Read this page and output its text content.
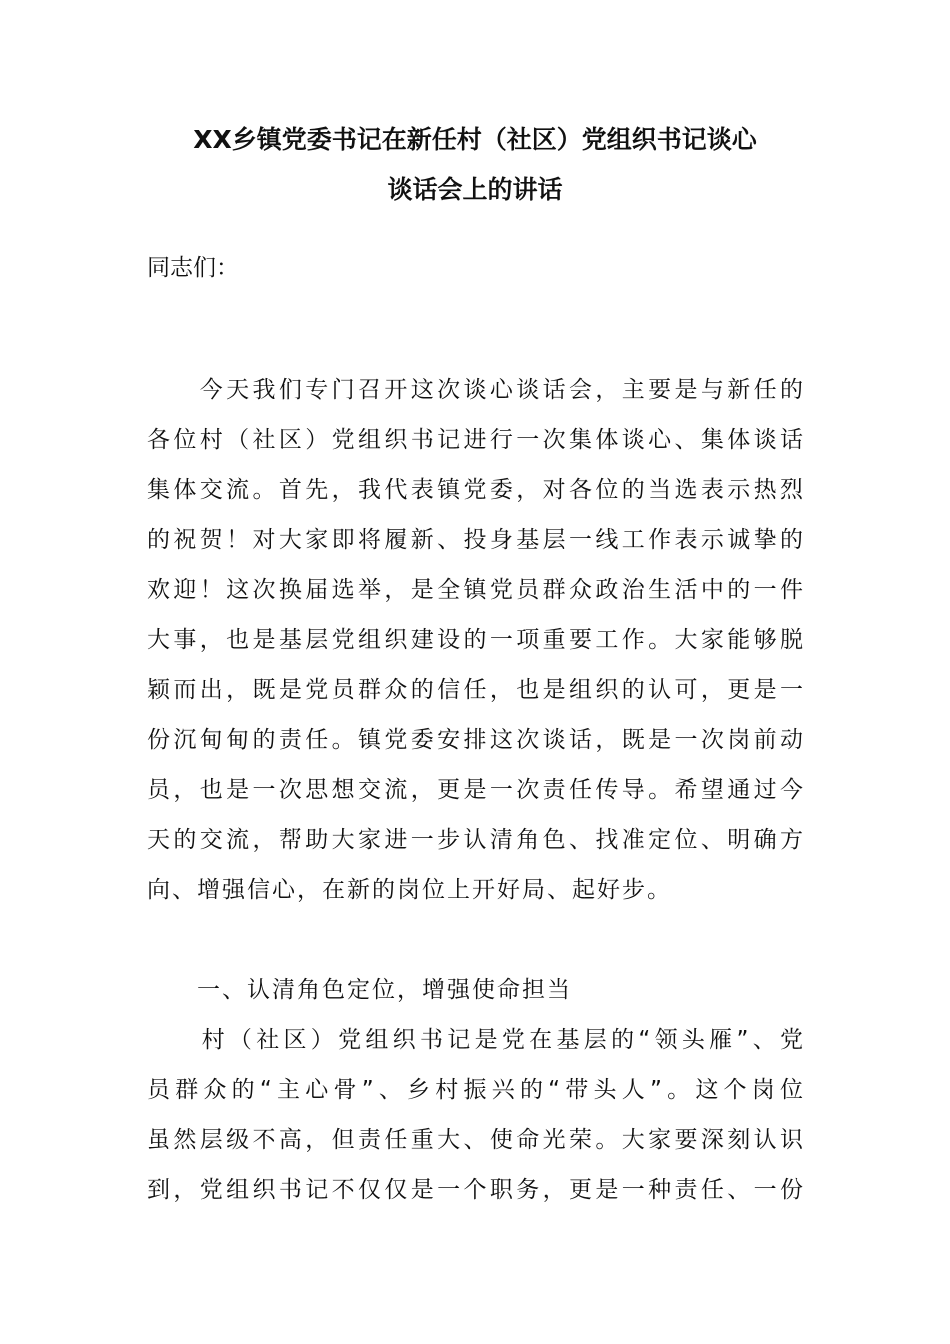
XX乡镇党委书记在新任村（社区）党组织书记谈心
谈话会上的讲话
同志们：
　　今天我们专门召开这次谈心谈话会，主要是与新任的
各位村（社区）党组织书记进行一次集体谈心、集体谈话
集体交流。首先，我代表镇党委，对各位的当选表示热烈
的祝贺！对大家即将履新、投身基层一线工作表示诚挚的
欢迎！这次换届选举，是全镇党员群众政治生活中的一件
大事，也是基层党组织建设的一项重要工作。大家能够脱
颖而出，既是党员群众的信任，也是组织的认可，更是一
份沉甸甸的责任。镇党委安排这次谈话，既是一次岗前动
员，也是一次思想交流，更是一次责任传导。希望通过今
天的交流，帮助大家进一步认清角色、找准定位、明确方
向、增强信心，在新的岗位上开好局、起好步。
　　一、认清角色定位，增强使命担当
　　村（社区）党组织书记是党在基层的“领头雁”、党
员群众的“主心骨”、乡村振兴的“带头人”。这个岗位
虽然层级不高，但责任重大、使命光荣。大家要深刻认识
到，党组织书记不仅仅是一个职务，更是一种责任、一份
